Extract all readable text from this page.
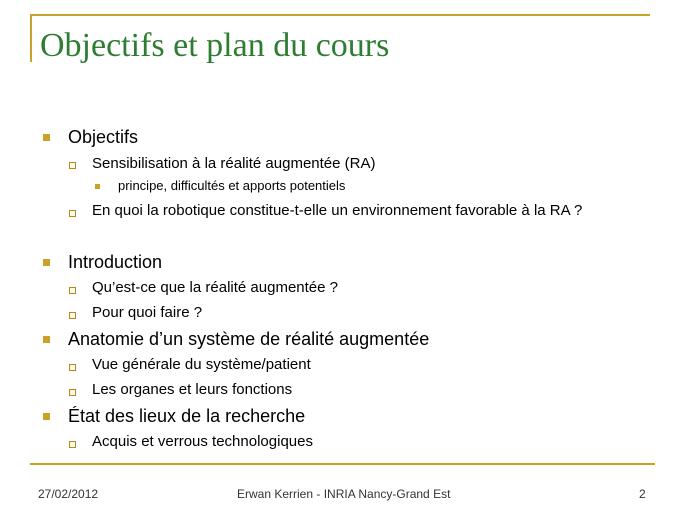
Objectifs et plan du cours
Objectifs
Sensibilisation à la réalité augmentée (RA)
principe, difficultés et apports potentiels
En quoi la robotique constitue-t-elle un environnement favorable à la RA ?
Introduction
Qu’est-ce que la réalité augmentée ?
Pour quoi faire ?
Anatomie d’un système de réalité augmentée
Vue générale du système/patient
Les organes et leurs fonctions
État des lieux de la recherche
Acquis et verrous technologiques
27/02/2012	Erwan Kerrien - INRIA Nancy-Grand Est	2
